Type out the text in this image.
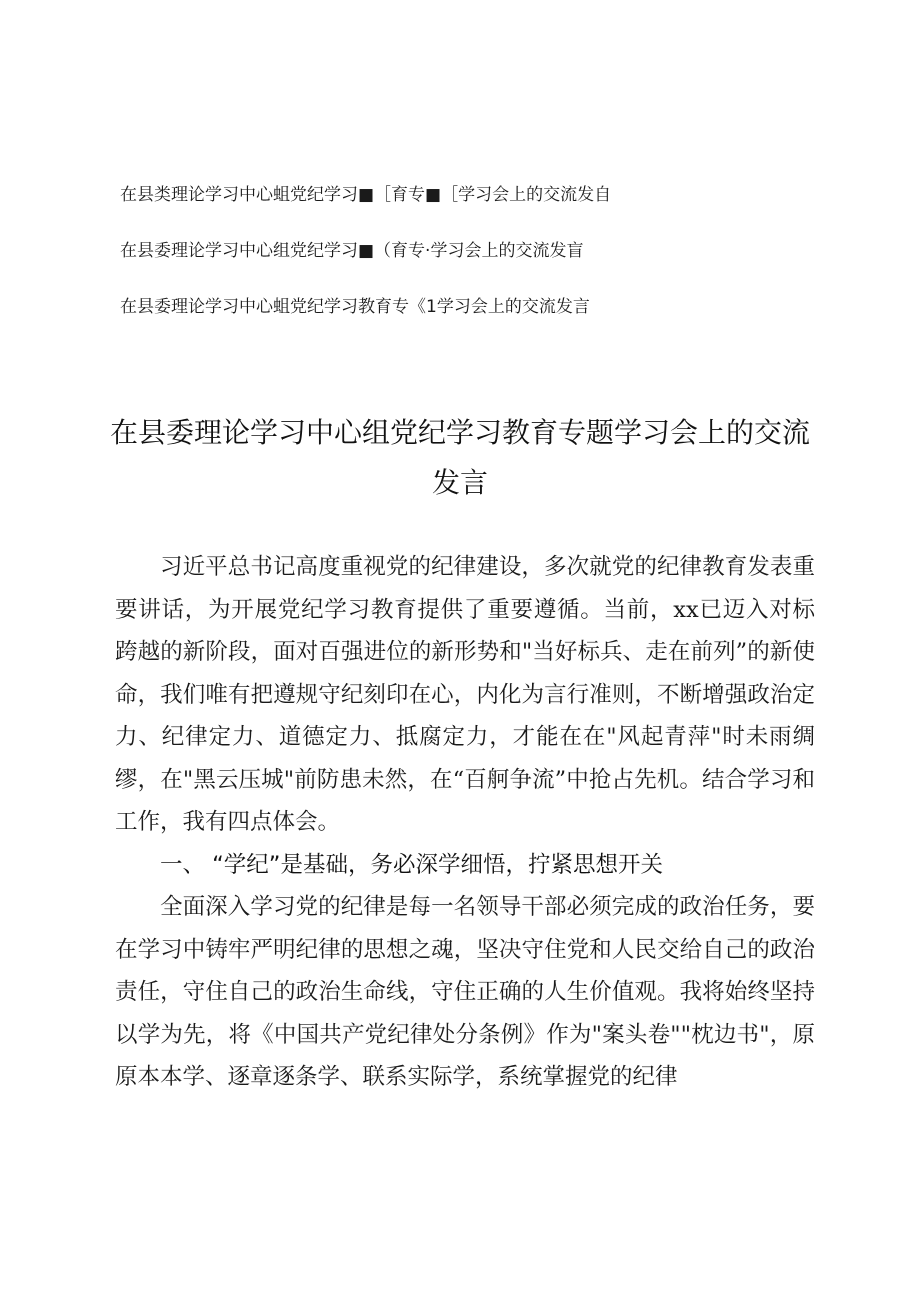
在县类理论学习中心蛆党纪学习■［育专■［学习会上的交流发自
在县委理论学习中心组党纪学习■（育专·学习会上的交流发盲
在县委理论学习中心蛆党纪学习教育专《1学习会上的交流发言
在县委理论学习中心组党纪学习教育专题学习会上的交流发言

习近平总书记高度重视党的纪律建设，多次就党的纪律教育发表重要讲话，为开展党纪学习教育提供了重要遵循。当前，xx已迈入对标跨越的新阶段，面对百强进位的新形势和"当好标兵、走在前列”的新使命，我们唯有把遵规守纪刻印在心，内化为言行准则，不断增强政治定力、纪律定力、道德定力、抵腐定力，才能在在"风起青萍"时未雨绸缪，在"黑云压城"前防患未然，在“百舸争流”中抢占先机。结合学习和工作，我有四点体会。

一、 “学纪”是基础，务必深学细悟，拧紧思想开关

全面深入学习党的纪律是每一名领导干部必须完成的政治任务，要在学习中铸牢严明纪律的思想之魂，坚决守住党和人民交给自己的政治责任，守住自己的政治生命线，守住正确的人生价值观。我将始终坚持以学为先，将《中国共产党纪律处分条例》作为"案头卷""枕边书"，原原本本学、逐章逐条学、联系实际学，系统掌握党的纪律
